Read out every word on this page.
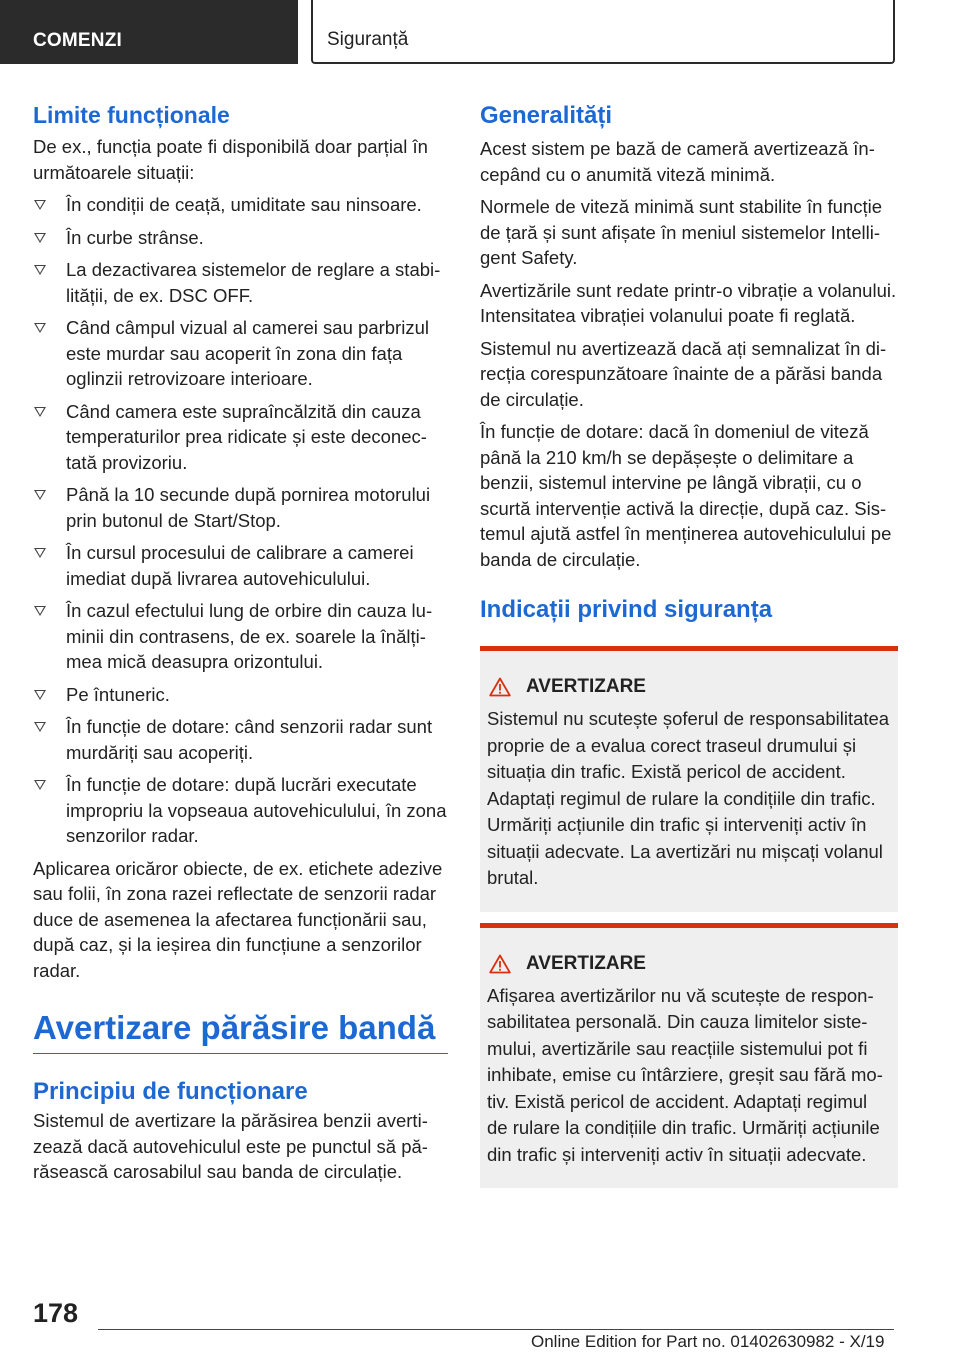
COMENZI	Siguranță
Limite funcționale

De ex., funcția poate fi disponibilă doar parțial în următoarele situații:

În condiții de ceață, umiditate sau ninsoare.
În curbe strânse.
La dezactivarea sistemelor de reglare a stabilității, de ex. DSC OFF.
Când câmpul vizual al camerei sau parbrizul este murdar sau acoperit în zona din fața oglinzii retrovizoare interioare.
Când camera este supraîncălzită din cauza temperaturilor prea ridicate și este deconectată provizoriu.
Până la 10 secunde după pornirea motorului prin butonul de Start/Stop.
În cursul procesului de calibrare a camerei imediat după livrarea autovehiculului.
În cazul efectului lung de orbire din cauza luminii din contrasens, de ex. soarele la înălțimea mică deasupra orizontului.
Pe întuneric.
În funcție de dotare: când senzorii radar sunt murdăriți sau acoperiți.
În funcție de dotare: după lucrări executate impropriu la vopseaua autovehiculului, în zona senzorilor radar.

Aplicarea oricăror obiecte, de ex. etichete adezive sau folii, în zona razei reflectate de senzorii radar duce de asemenea la afectarea funcționării sau, după caz, și la ieșirea din funcțiune a senzorilor radar.

Avertizare părăsire bandă
Principiu de funcționare

Sistemul de avertizare la părăsirea benzii avertizează dacă autovehiculul este pe punctul să părăsească carosabilul sau banda de circulație.

Generalități

Acest sistem pe bază de cameră avertizează începând cu o anumită viteză minimă.

Normele de viteză minimă sunt stabilite în funcție de țară și sunt afișate în meniul sistemelor Intelligent Safety.

Avertizările sunt redate printr-o vibrație a volanului. Intensitatea vibrației volanului poate fi reglată.

Sistemul nu avertizează dacă ați semnalizat în direcția corespunzătoare înainte de a părăsi banda de circulație.

În funcție de dotare: dacă în domeniul de viteză până la 210 km/h se depășește o delimitare a benzii, sistemul intervine pe lângă vibrații, cu o scurtă intervenție activă la direcție, după caz. Sistemul ajută astfel în menținerea autovehiculului pe banda de circulație.

Indicații privind siguranța
AVERTIZARE

Sistemul nu scutește șoferul de responsabilitatea proprie de a evalua corect traseul drumului și situația din trafic. Există pericol de accident. Adaptați regimul de rulare la condițiile din trafic. Urmăriți acțiunile din trafic și interveniți activ în situații adecvate. La avertizări nu mișcați volanul brutal.

AVERTIZARE

Afișarea avertizărilor nu vă scutește de responsabilitatea personală. Din cauza limitelor sistemului, avertizările sau reacțiile sistemului pot fi inhibate, emise cu întârziere, greșit sau fără motiv. Există pericol de accident. Adaptați regimul de rulare la condițiile din trafic. Urmăriți acțiunile din trafic și interveniți activ în situații adecvate.

178
Online Edition for Part no. 01402630982 - X/19
